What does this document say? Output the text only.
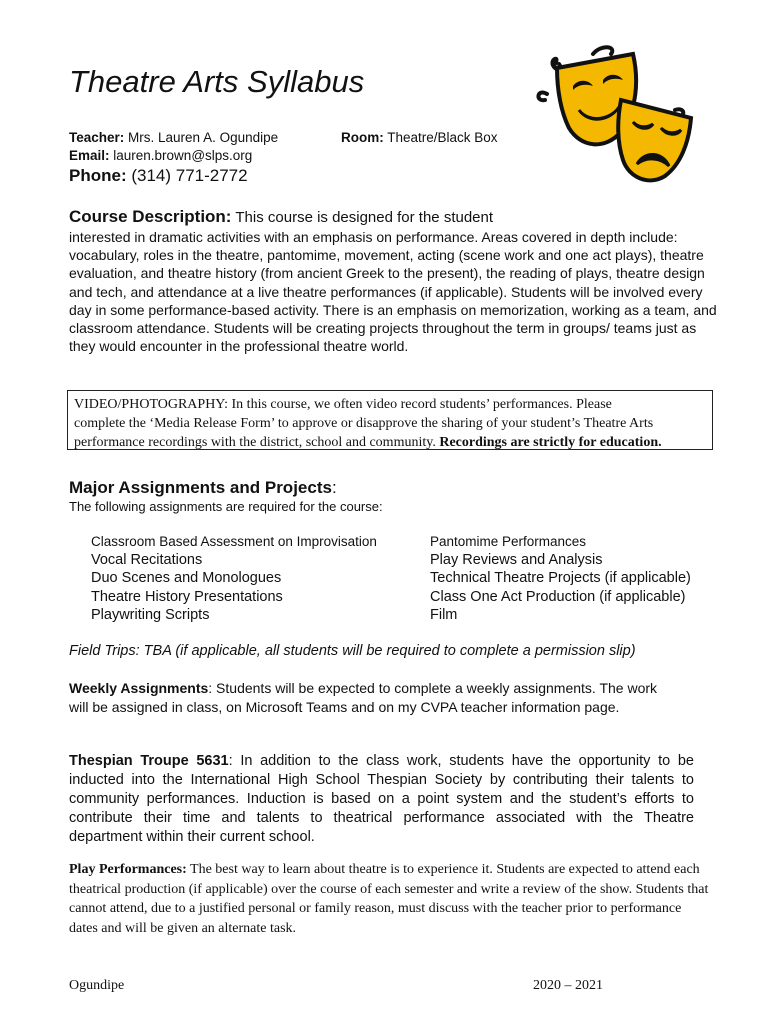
Theatre Arts Syllabus
Teacher: Mrs. Lauren A. Ogundipe
Email: lauren.brown@slps.org
Room: Theatre/Black Box
Phone: (314) 771-2772
Course Description: This course is designed for the student
interested in dramatic activities with an emphasis on performance. Areas covered in depth include: vocabulary, roles in the theatre, pantomime, movement, acting (scene work and one act plays), theatre evaluation, and theatre history (from ancient Greek to the present), the reading of plays, theatre design and tech, and attendance at a live theatre performances (if applicable). Students will be involved every day in some performance-based activity. There is an emphasis on memorization, working as a team, and classroom attendance. Students will be creating projects throughout the term in groups/ teams just as they would encounter in the professional theatre world.
VIDEO/PHOTOGRAPHY: In this course, we often video record students’ performances. Please
complete the ‘Media Release Form’ to approve or disapprove the sharing of your student’s Theatre Arts
performance recordings with the district, school and community. Recordings are strictly for education.
Major Assignments and Projects:
The following assignments are required for the course:
Classroom Based Assessment on Improvisation
Vocal Recitations
Duo Scenes and Monologues
Theatre History Presentations
Playwriting Scripts
Pantomime Performances
Play Reviews and Analysis
Technical Theatre Projects (if applicable)
Class One Act Production (if applicable)
Film
Field Trips: TBA (if applicable, all students will be required to complete a permission slip)
Weekly Assignments: Students will be expected to complete a weekly assignments. The work will be assigned in class, on Microsoft Teams and on my CVPA teacher information page.
Thespian Troupe 5631: In addition to the class work, students have the opportunity to be inducted into the International High School Thespian Society by contributing their talents to community performances. Induction is based on a point system and the student’s efforts to contribute their time and talents to theatrical performance associated with the Theatre department within their current school.
Play Performances: The best way to learn about theatre is to experience it. Students are expected to attend each theatrical production (if applicable) over the course of each semester and write a review of the show. Students that cannot attend, due to a justified personal or family reason, must discuss with the teacher prior to performance dates and will be given an alternate task.
Ogundipe	2020 – 2021
